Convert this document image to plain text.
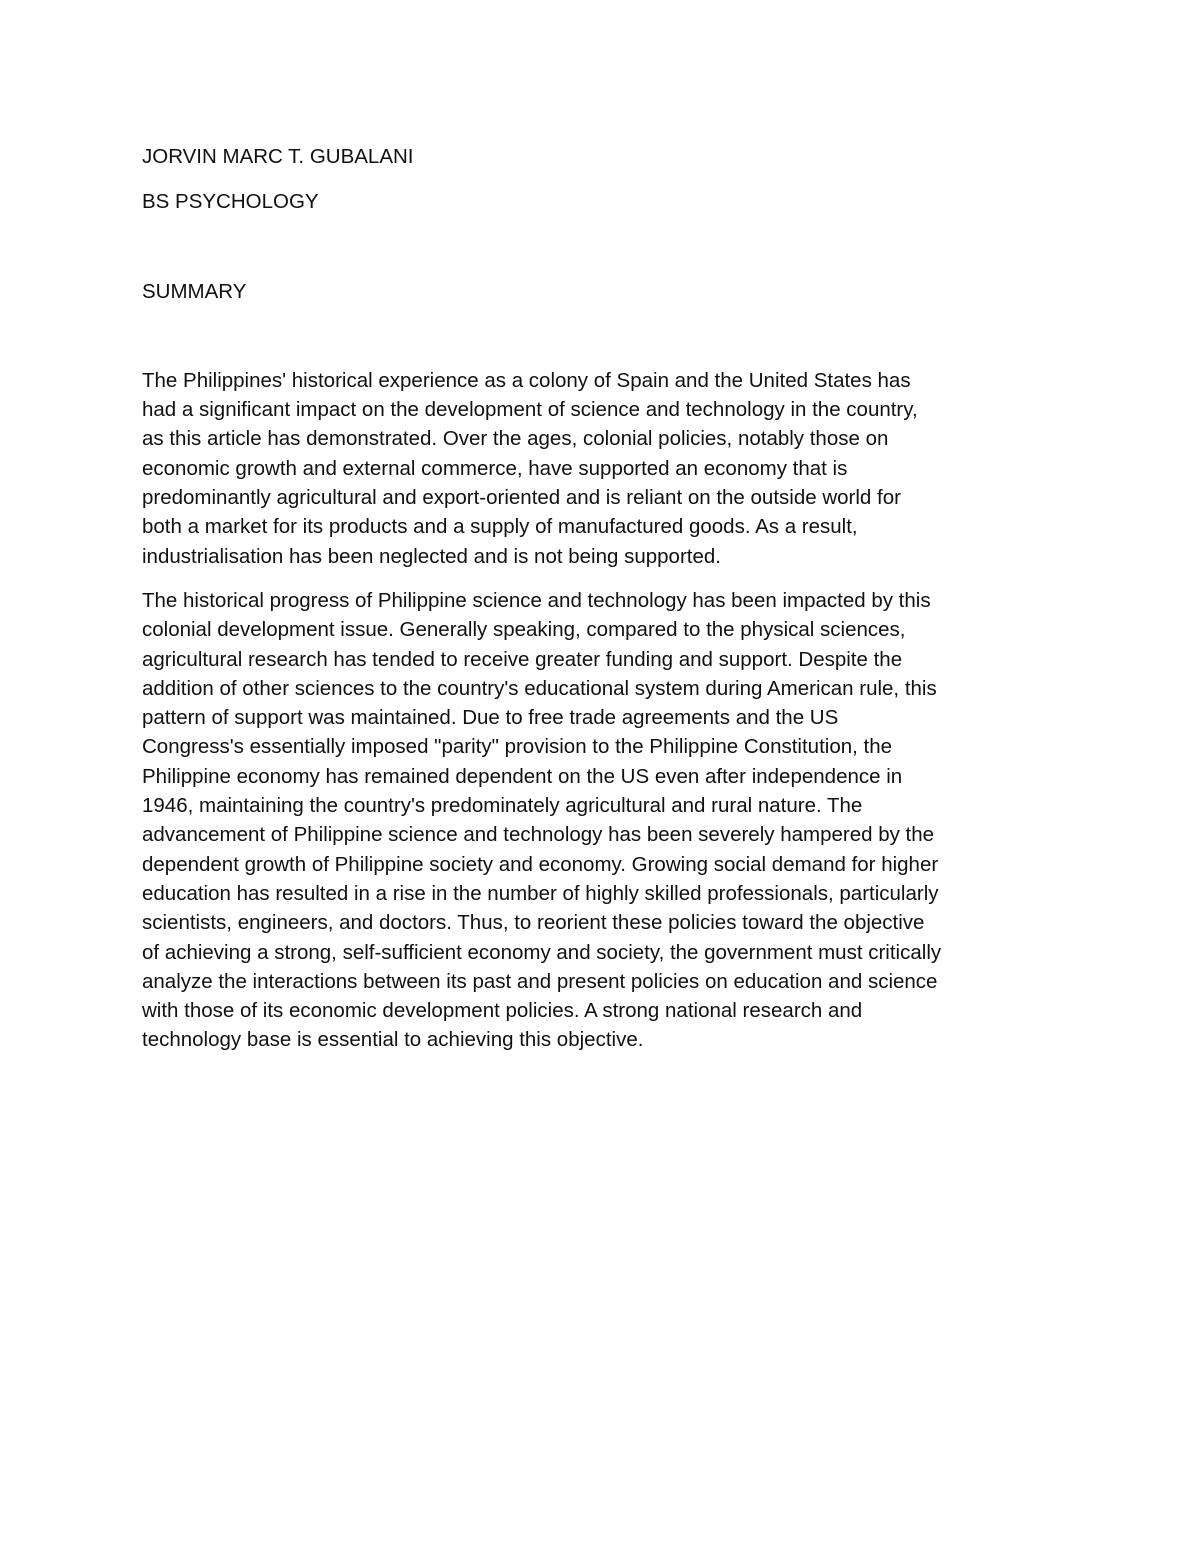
JORVIN MARC T. GUBALANI

BS PSYCHOLOGY

SUMMARY

The Philippines' historical experience as a colony of Spain and the United States has

had a significant impact on the development of science and technology in the country,

as this article has demonstrated. Over the ages, colonial policies, notably those on

economic growth and external commerce, have supported an economy that is

predominantly agricultural and export-oriented and is reliant on the outside world for

both a market for its products and a supply of manufactured goods. As a result,

industrialisation has been neglected and is not being supported.

The historical progress of Philippine science and technology has been impacted by this

colonial development issue. Generally speaking, compared to the physical sciences,

agricultural research has tended to receive greater funding and support. Despite the

addition of other sciences to the country's educational system during American rule, this

pattern of support was maintained. Due to free trade agreements and the US

Congress's essentially imposed "parity" provision to the Philippine Constitution, the

Philippine economy has remained dependent on the US even after independence in

1946, maintaining the country's predominately agricultural and rural nature. The

advancement of Philippine science and technology has been severely hampered by the

dependent growth of Philippine society and economy. Growing social demand for higher

education has resulted in a rise in the number of highly skilled professionals, particularly

scientists, engineers, and doctors. Thus, to reorient these policies toward the objective

of achieving a strong, self-sufficient economy and society, the government must critically

analyze the interactions between its past and present policies on education and science

with those of its economic development policies. A strong national research and

technology base is essential to achieving this objective.
